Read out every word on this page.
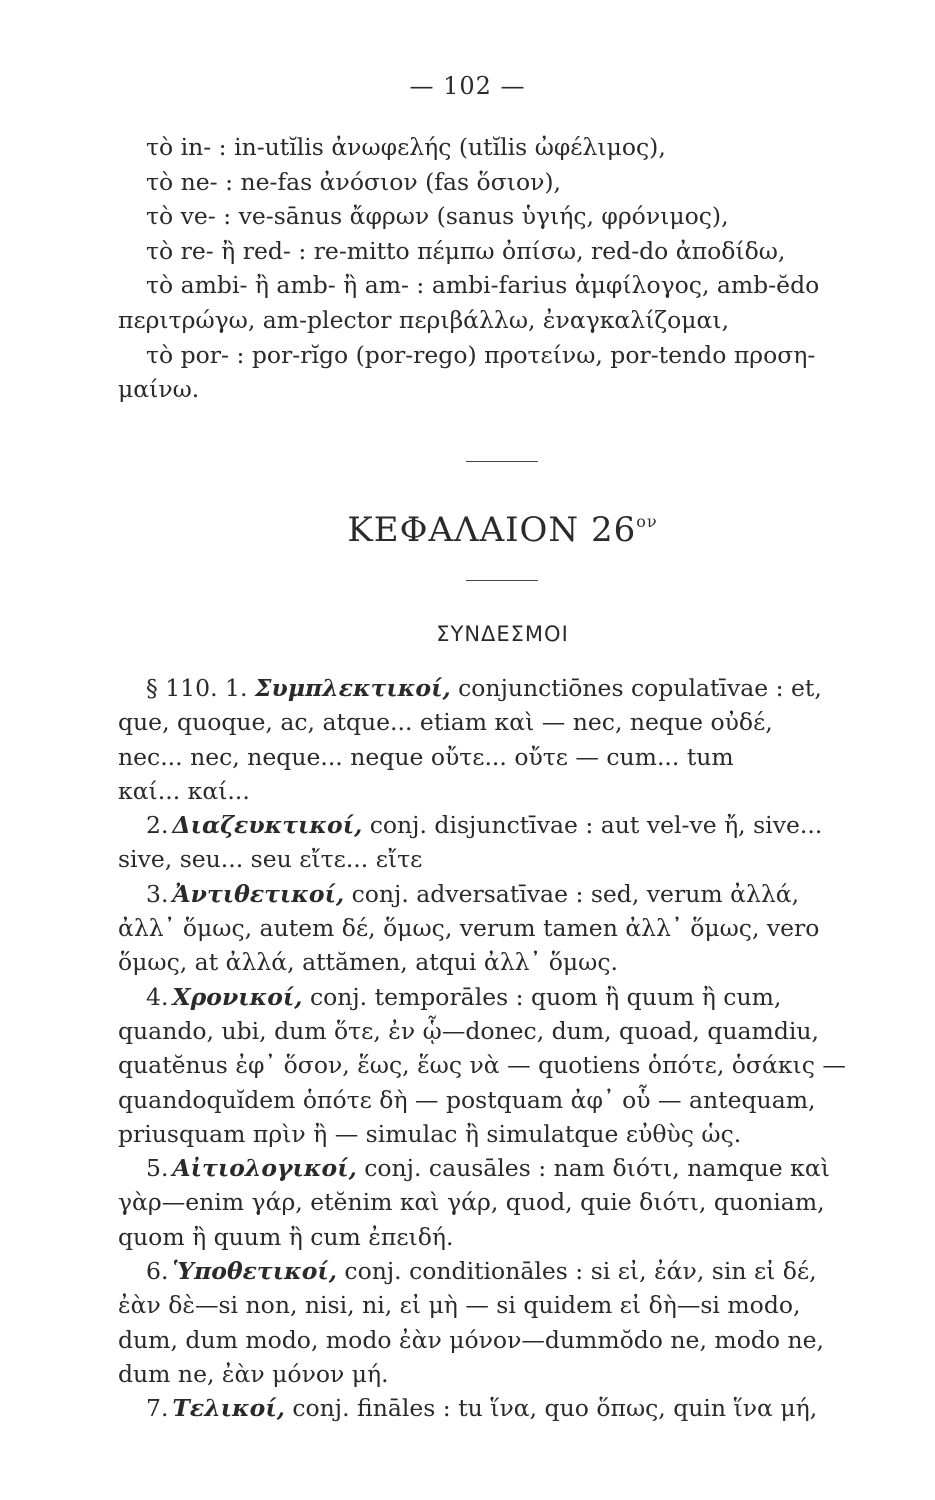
— 102 —
τὸ in- : in-utĭlis ἀνωφελής (utĭlis ὠφέλιμος),
τὸ ne- : ne-fas ἀνόσιον (fas ὅσιον),
τὸ ve- : ve-sānus ἄφρων (sanus ὑγιής, φρόνιμος),
τὸ re- ἢ red- : re-mitto πέμπω ὀπίσω, red-do ἀποδίδω,
τὸ ambi- ἢ amb- ἢ am- : ambi-farius ἀμφίλογος, amb-ĕdo
περιτρώγω, am-plector περιβάλλω, ἐναγκαλίζομαι,
τὸ por- : por-rĭgo (por-rego) προτείνω, por-tendo προση-
μαίνω.
ΚΕΦΑΛΑΙΟΝ $26^{o\nu}$
ΣΥΝΔΕΣΜΟΙ
§ 110. 1. Συμπλεκτικοί, conjunctiōnes copulatīvae : et,
que, quoque, ac, atque... etiam καὶ — nec, neque οὐδέ,
nec... nec, neque... neque οὔτε... οὔτε — cum... tum
καί... καί...
2. Διαζευκτικοί, conj. disjunctīvae : aut vel-ve ἤ, sive...
sive, seu... seu εἴτε... εἴτε
3. Ἀντιθετικοί, conj. adversatīvae : sed, verum ἀλλά,
ἀλλ᾽ ὅμως, autem δέ, ὅμως, verum tamen ἀλλ᾽ ὅμως, vero
ὅμως, at ἀλλά, attămen, atqui ἀλλ᾽ ὅμως.
4. Χρονικοί, conj. temporāles : quom ἢ quum ἢ cum,
quando, ubi, dum ὅτε, ἐν ᾧ—donec, dum, quoad, quamdiu,
quatĕnus ἐφ᾽ ὅσον, ἕως, ἕως νὰ — quotiens ὁπότε, ὁσάκις —
quandoquĭdem ὁπότε δὴ — postquam ἀφ᾽ οὗ — antequam,
priusquam πρὶν ἢ — simulac ἢ simulatque εὐθὺς ὡς.
5. Αἰτιολογικοί, conj. causāles : nam διότι, namque καὶ
γὰρ—enim γάρ, etĕnim καὶ γάρ, quod, quie διότι, quoniam,
quom ἢ quum ἢ cum ἐπειδή.
6. Ὑποθετικοί, conj. conditionāles : si εἰ, ἐάν, sin εἰ δέ,
ἐὰν δὲ—si non, nisi, ni, εἰ μὴ — si quidem εἰ δὴ—si modo,
dum, dum modo, modo ἐὰν μόνον—dummŏdo ne, modo ne,
dum ne, ἐὰν μόνον μή.
7. Τελικοί, conj. fināles : tu ἵνα, quo ὅπως, quin ἵνα μή,
